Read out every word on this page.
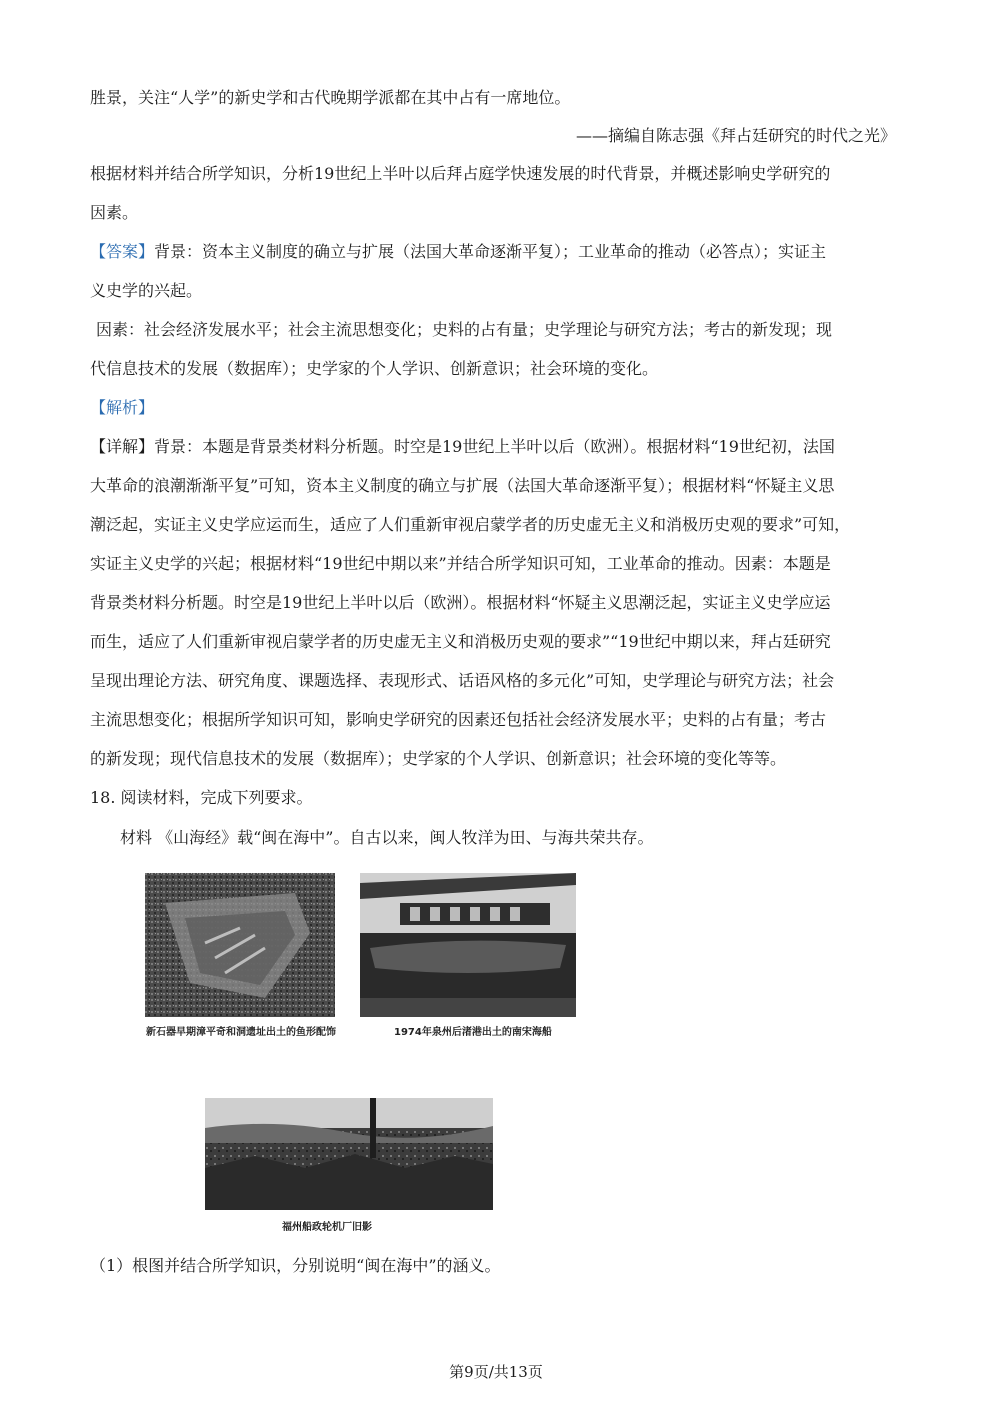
胜景，关注“人学”的新史学和古代晚期学派都在其中占有一席地位。
——摘编自陈志强《拜占廷研究的时代之光》
根据材料并结合所学知识，分析19世纪上半叶以后拜占庭学快速发展的时代背景，并概述影响史学研究的
因素。
【答案】背景：资本主义制度的确立与扩展（法国大革命逐渐平复）；工业革命的推动（必答点）；实证主
义史学的兴起。
因素：社会经济发展水平；社会主流思想变化；史料的占有量；史学理论与研究方法；考古的新发现；现
代信息技术的发展（数据库）；史学家的个人学识、创新意识；社会环境的变化。
【解析】
【详解】背景：本题是背景类材料分析题。时空是19世纪上半叶以后（欧洲）。根据材料“19世纪初，法国
大革命的浪潮渐渐平复”可知，资本主义制度的确立与扩展（法国大革命逐渐平复）；根据材料“怀疑主义思
潮泛起，实证主义史学应运而生，适应了人们重新审视启蒙学者的历史虚无主义和消极历史观的要求”可知，
实证主义史学的兴起；根据材料“19世纪中期以来”并结合所学知识可知，工业革命的推动。因素：本题是
背景类材料分析题。时空是19世纪上半叶以后（欧洲）。根据材料“怀疑主义思潮泛起，实证主义史学应运
而生，适应了人们重新审视启蒙学者的历史虚无主义和消极历史观的要求”“19世纪中期以来，拜占廷研究
呈现出理论方法、研究角度、课题选择、表现形式、话语风格的多元化”可知，史学理论与研究方法；社会
主流思想变化；根据所学知识可知，影响史学研究的因素还包括社会经济发展水平；史料的占有量；考古
的新发现；现代信息技术的发展（数据库）；史学家的个人学识、创新意识；社会环境的变化等等。
18. 阅读材料，完成下列要求。
材料 《山海经》载“闽在海中”。自古以来，闽人牧洋为田、与海共荣共存。
新石器早期漳平奇和洞遗址出土的鱼形配饰	1974年泉州后渚港出土的南宋海船
福州船政轮机厂旧影
（1）根图并结合所学知识，分别说明“闽在海中”的涵义。
第9页/共13页
